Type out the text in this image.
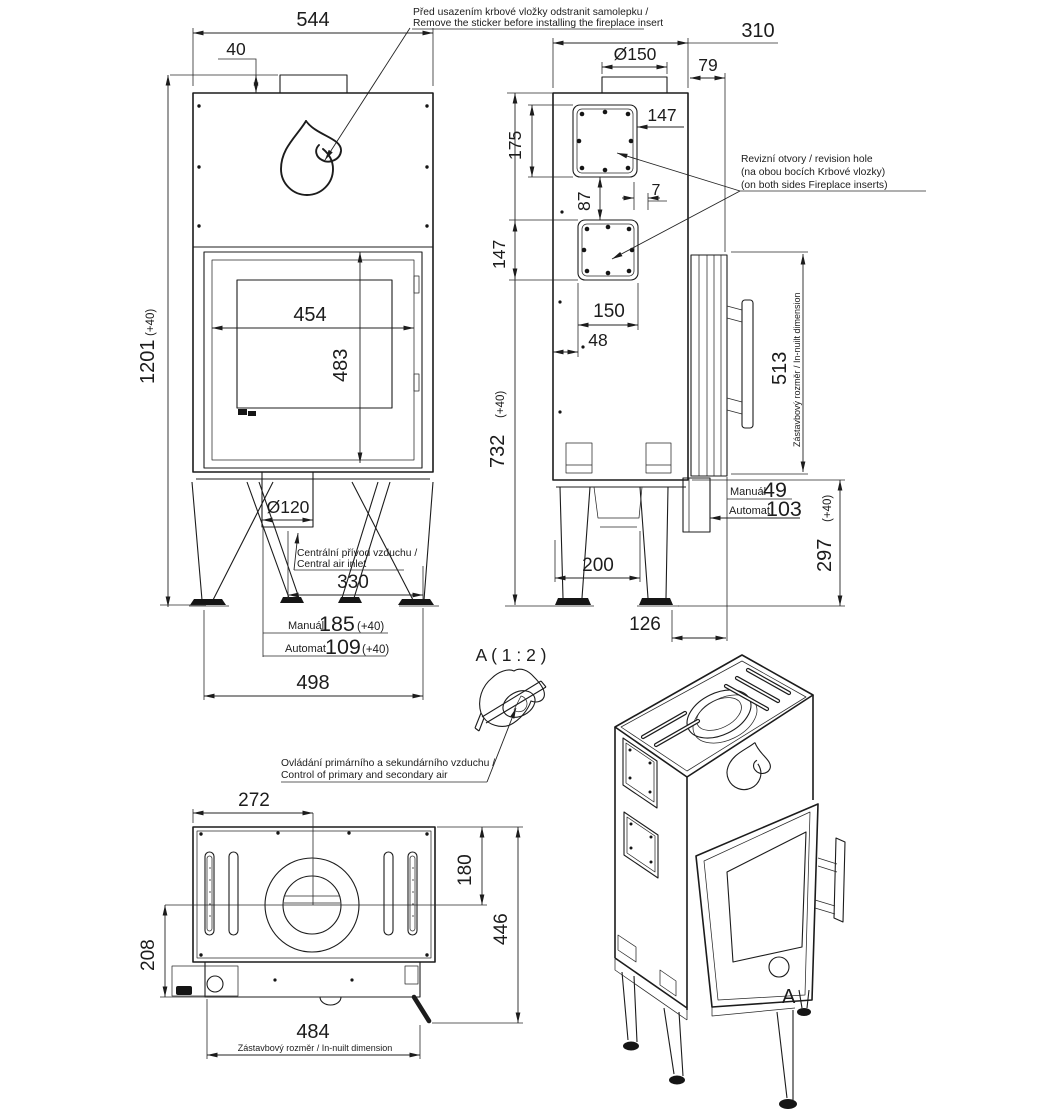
Před usazením krbové vložky odstranit samolepku /
Remove the sticker before installing the fireplace insert
544
40
1201
(+40)	454
483
Ø120
330
Manuál
185 (+40)
Automat 109 (+40)
498
Centrální přívod vzduchu /
Central air inlet
310
Ø150
79
175
147
87
7
147
732
(+40)
150
48
513 Zástavbový rozměr / In-nuilt dimension
Manuál
49
Automat
103
297
(+40)
200
126
Revizní otvory / revision hole
(na obou bocích Krbové vlozky)
(on both sides Fireplace inserts)
A ( 1 : 2 )
Ovládání primárního a sekundárního vzduchu /
Control of primary and secondary air
272
180
208
446
484
Zástavbový rozměr / In-nuilt dimension
A
